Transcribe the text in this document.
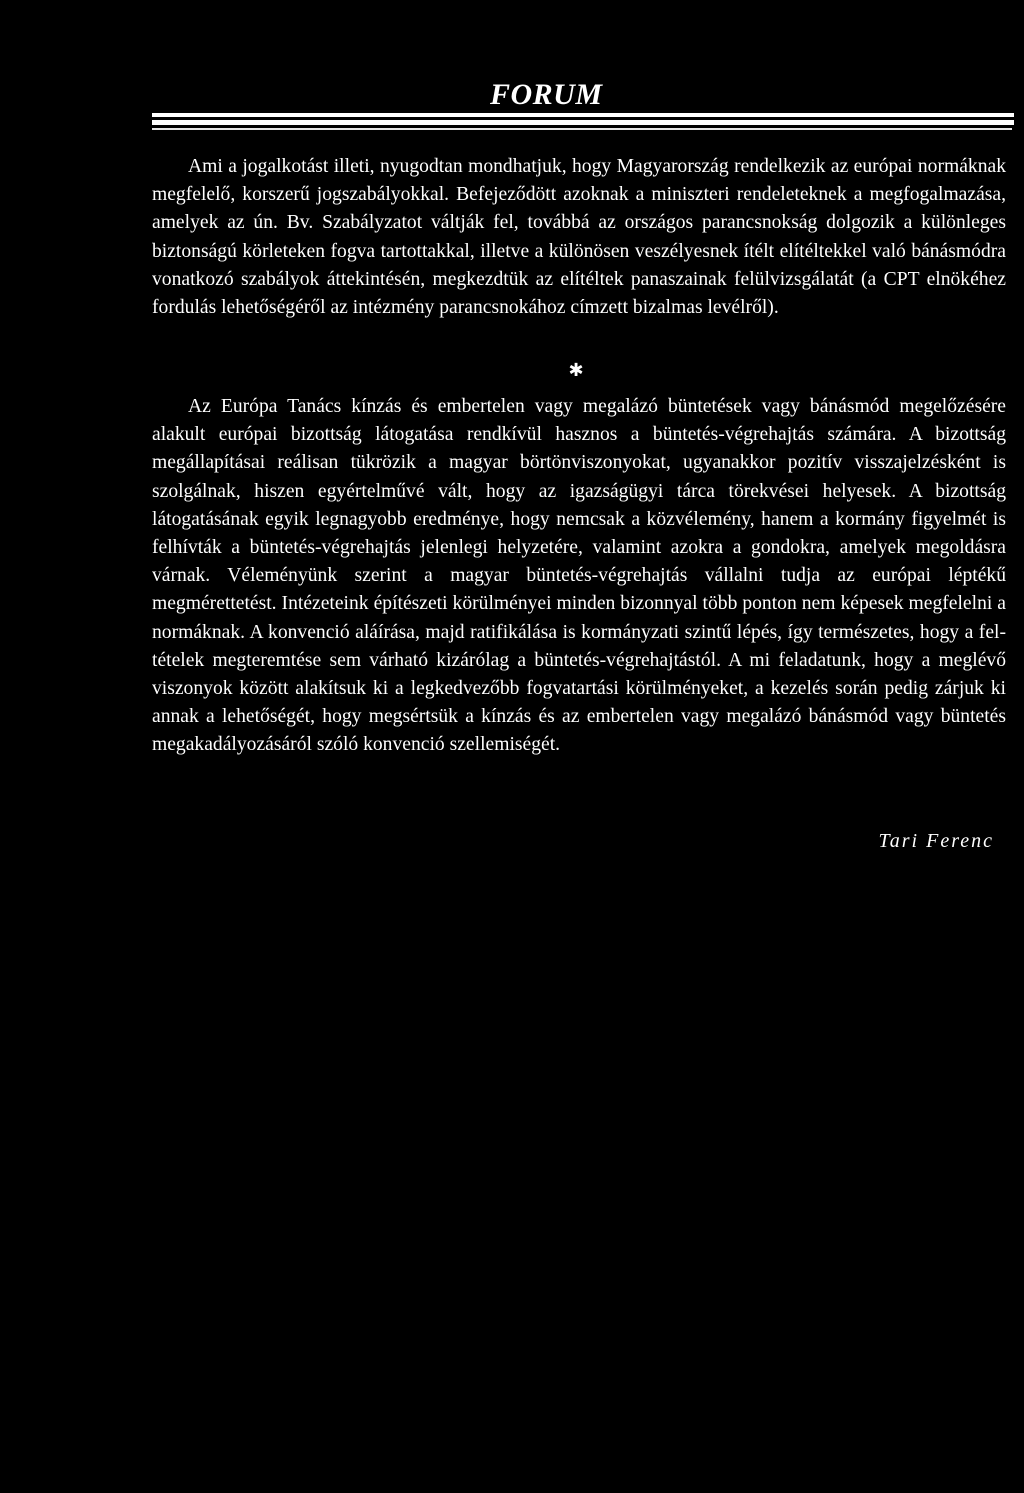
FORUM

Ami a jogalkotást illeti, nyugodtan mondhatjuk, hogy Magyarország rendelkezik az európai normáknak megfelelő, korszerű jogszabályokkal. Befejeződött azoknak a miniszteri rendeleteknek a megfogalmazása, amelyek az ún. Bv. Szabályzatot váltják fel, továbbá az országos parancsnokság dolgozik a különleges biztonságú körleteken fogva tartottakkal, illetve a különösen veszélyesnek ítélt elítéltekkel való bánásmódra vonatkozó szabályok áttekintésén, megkezdtük az elítéltek panaszainak felülvizsgálatát (a CPT elnökéhez fordulás lehetőségéről az intézmény parancsnokához címzett bizalmas levélről).

✱

Az Európa Tanács kínzás és embertelen vagy megalázó büntetések vagy bánásmód megelőzésére alakult európai bizottság látogatása rendkívül hasznos a büntetés-végrehajtás számára. A bizottság megállapításai reálisan tükrözik a magyar börtönviszonyokat, ugyanakkor pozitív visszajelzésként is szolgálnak, hiszen egyértelművé vált, hogy az igazságügyi tárca törekvései helyesek. A bizottság látogatásának egyik legnagyobb eredménye, hogy nemcsak a közvélemény, hanem a kormány figyelmét is felhívták a büntetés-végrehajtás jelenlegi helyzetére, valamint azokra a gondokra, amelyek megoldásra várnak. Véleményünk szerint a magyar büntetés-végrehajtás vállalni tudja az európai léptékű megmérettetést. Intézeteink építészeti körülményei minden bizonnyal több ponton nem képesek megfelelni a normáknak. A konvenció aláírása, majd ratifikálása is kormányzati szintű lépés, így természetes, hogy a feltételek megteremtése sem várható kizárólag a büntetés-végrehajtástól. A mi feladatunk, hogy a meglévő viszonyok között alakítsuk ki a legkedvezőbb fogvatartási körülményeket, a kezelés során pedig zárjuk ki annak a lehetőségét, hogy megsértsük a kínzás és az embertelen vagy megalázó bánásmód vagy büntetés megakadályozásáról szóló konvenció szellemiségét.

Tari Ferenc
